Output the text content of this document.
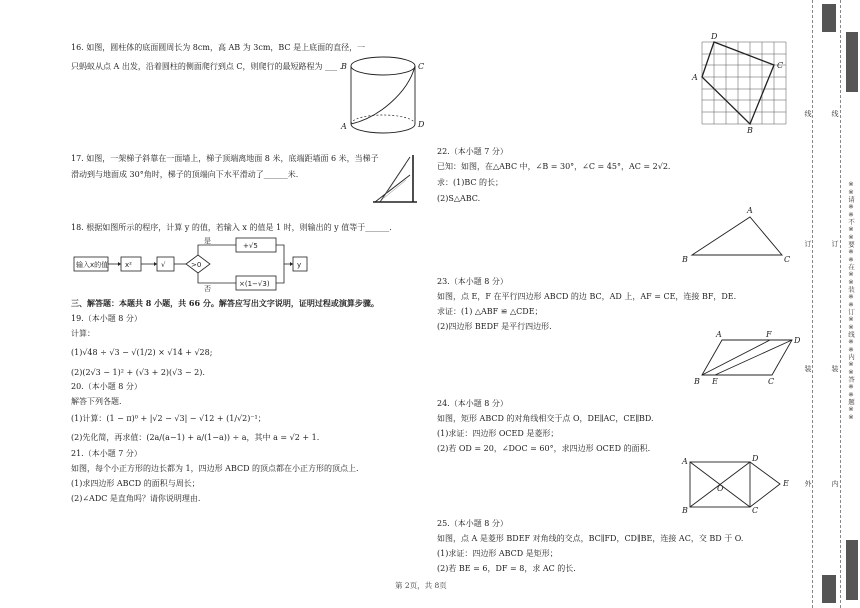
16. 如图，圆柱体的底面圆周长为 8cm，高 AB 为 3cm，BC 是上底面的直径，一
只蚂蚁从点 A 出发，沿着圆柱的侧面爬行到点 C，则爬行的最短路程为 ___ .
B	C
A	D
17. 如图，一架梯子斜靠在一面墙上，梯子顶端离地面 8 米，底端距墙面 6 米，当梯子
滑动到与地面成 30°角时，梯子的顶端向下水平滑动了______米.
18. 根据如图所示的程序，计算 y 的值，若输入 x 的值是 1 时，则输出的 y 值等于______.
输入x的值 x²	√	>0
是
+√5
否
×(1−√3)
y
三、解答题：本题共 8 小题，共 66 分。解答应写出文字说明，证明过程或演算步骤。
19.（本小题 8 分）
计算：
(1)√48 ÷ √3 − √(1/2) × √14 + √28;
(2)(2√3 − 1)² + (√3 + 2)(√3 − 2).
20.（本小题 8 分）
解答下列各题.
(1)计算：(1 − π)⁰ + |√2 − √3| − √12 + (1/√2)⁻¹；
(2)先化简，再求值：(2a/(a−1) + a/(1−a)) ÷ a，其中 a = √2 + 1.
21.（本小题 7 分）
如图，每个小正方形的边长都为 1，四边形 ABCD 的顶点都在小正方形的顶点上.
(1)求四边形 ABCD 的面积与周长；
(2)∠ADC 是直角吗？请你说明理由.
A
D
C
B
22.（本小题 7 分）
已知：如图，在△ABC 中，∠B = 30°，∠C = 45°，AC = 2√2.
求：(1)BC 的长；
(2)S△ABC.
A
B	C
23.（本小题 8 分）
如图，点 E，F 在平行四边形 ABCD 的边 BC，AD 上，AF = CE，连接 BF，DE.
求证：(1) △ABF ≌ △CDE；
(2)四边形 BEDF 是平行四边形.
A	F
D
B E	C
24.（本小题 8 分）
如图，矩形 ABCD 的对角线相交于点 O，DE∥AC，CE∥BD.
(1)求证：四边形 OCED 是菱形；
(2)若 OD = 20，∠DOC = 60°，求四边形 OCED 的面积.
A	D
O
E
B	C
25.（本小题 8 分）
如图，点 A 是菱形 BDEF 对角线的交点，BC∥FD，CD∥BE，连接 AC，交 BD 于 O.
(1)求证：四边形 ABCD 是矩形；
(2)若 BE = 6，DF = 8，求 AC 的长.
第 2页，共 8页
线
订
装
外
线
订
装
内
※※请※※不※※要※※在※※装※※订※※线※※内※※答※※题※※
